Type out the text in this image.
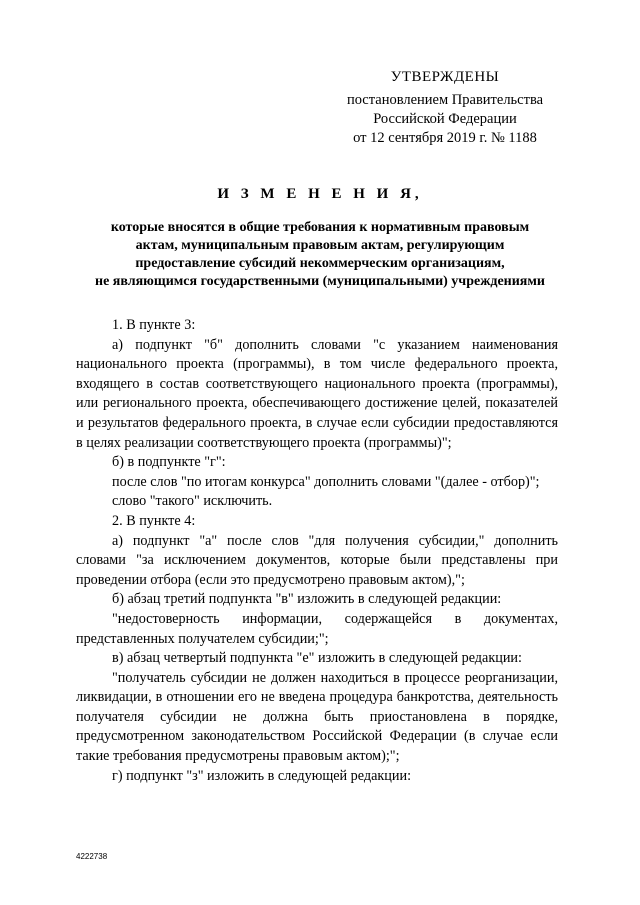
УТВЕРЖДЕНЫ
постановлением Правительства
Российской Федерации
от 12 сентября 2019 г. № 1188
И З М Е Н Е Н И Я,
которые вносятся в общие требования к нормативным правовым
актам, муниципальным правовым актам, регулирующим
предоставление субсидий некоммерческим организациям,
не являющимся государственными (муниципальными) учреждениями

1. В пункте 3:

а) подпункт "б" дополнить словами "с указанием наименования национального проекта (программы), в том числе федерального проекта, входящего в состав соответствующего национального проекта (программы), или регионального проекта, обеспечивающего достижение целей, показателей и результатов федерального проекта, в случае если субсидии предоставляются в целях реализации соответствующего проекта (программы)";

б) в подпункте "г":

после слов "по итогам конкурса" дополнить словами "(далее - отбор)";

слово "такого" исключить.

2. В пункте 4:

а) подпункт "а" после слов "для получения субсидии," дополнить словами "за исключением документов, которые были представлены при проведении отбора (если это предусмотрено правовым актом),";

б) абзац третий подпункта "в" изложить в следующей редакции:

"недостоверность информации, содержащейся в документах, представленных получателем субсидии;";

в) абзац четвертый подпункта "е" изложить в следующей редакции:

"получатель субсидии не должен находиться в процессе реорганизации, ликвидации, в отношении его не введена процедура банкротства, деятельность получателя субсидии не должна быть приостановлена в порядке, предусмотренном законодательством Российской Федерации (в случае если такие требования предусмотрены правовым актом);";

г) подпункт "з" изложить в следующей редакции:

4222738
